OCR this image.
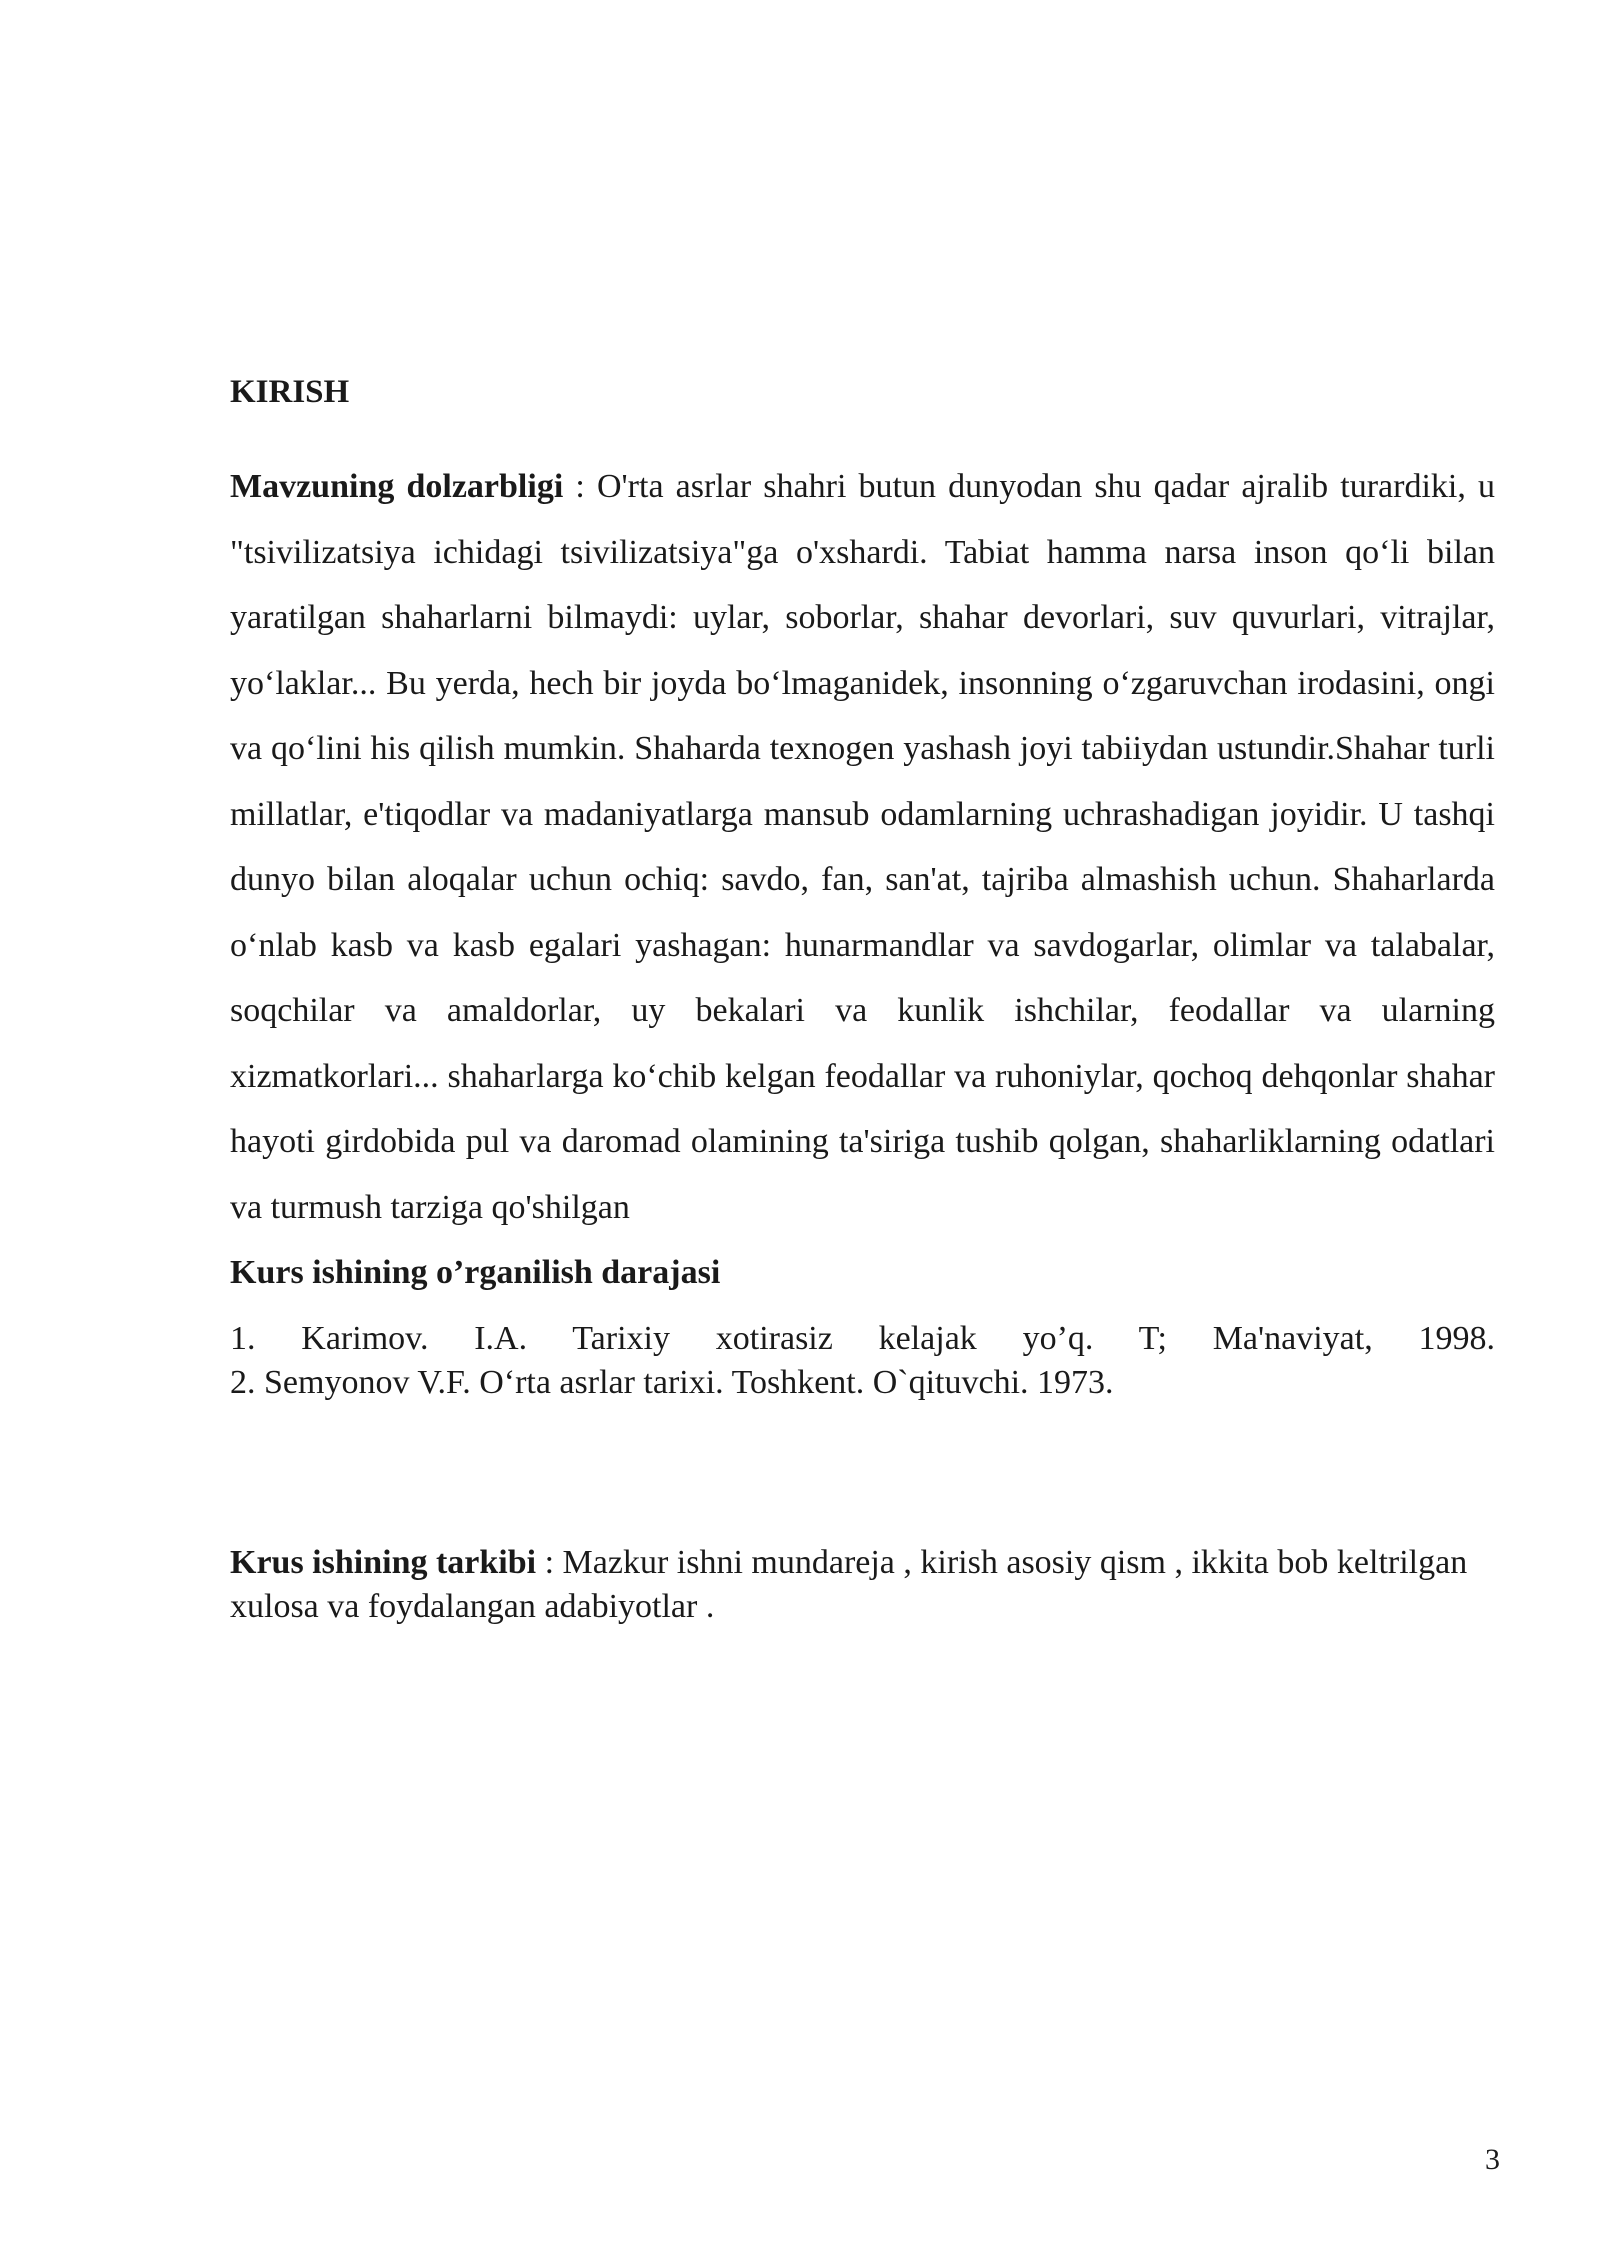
KIRISH

Mavzuning dolzarbligi : O'rta asrlar shahri butun dunyodan shu qadar ajralib turardiki, u "tsivilizatsiya ichidagi tsivilizatsiya"ga o'xshardi. Tabiat hamma narsa inson qo‘li bilan yaratilgan shaharlarni bilmaydi: uylar, soborlar, shahar devorlari, suv quvurlari, vitrajlar, yo‘laklar... Bu yerda, hech bir joyda bo‘lmaganidek, insonning o‘zgaruvchan irodasini, ongi va qo‘lini his qilish mumkin. Shaharda texnogen yashash joyi tabiiydan ustundir.Shahar turli millatlar, e'tiqodlar va madaniyatlarga mansub odamlarning uchrashadigan joyidir. U tashqi dunyo bilan aloqalar uchun ochiq: savdo, fan, san'at, tajriba almashish uchun. Shaharlarda o‘nlab kasb va kasb egalari yashagan: hunarmandlar va savdogarlar, olimlar va talabalar, soqchilar va amaldorlar, uy bekalari va kunlik ishchilar, feodallar va ularning xizmatkorlari... shaharlarga ko‘chib kelgan feodallar va ruhoniylar, qochoq dehqonlar shahar hayoti girdobida pul va daromad olamining ta'siriga tushib qolgan, shaharliklarning odatlari va turmush tarziga qo'shilgan

Kurs ishining o’rganilish darajasi

1. Karimov. I.A. Tarixiy xotirasiz kelajak yo’q. T; Ma'naviyat, 1998.
2. Semyonov V.F. O‘rta asrlar tarixi. Toshkent. O`qituvchi. 1973.

Krus ishining tarkibi : Mazkur ishni mundareja , kirish asosiy qism , ikkita bob keltrilgan xulosa va foydalangan adabiyotlar .

3
